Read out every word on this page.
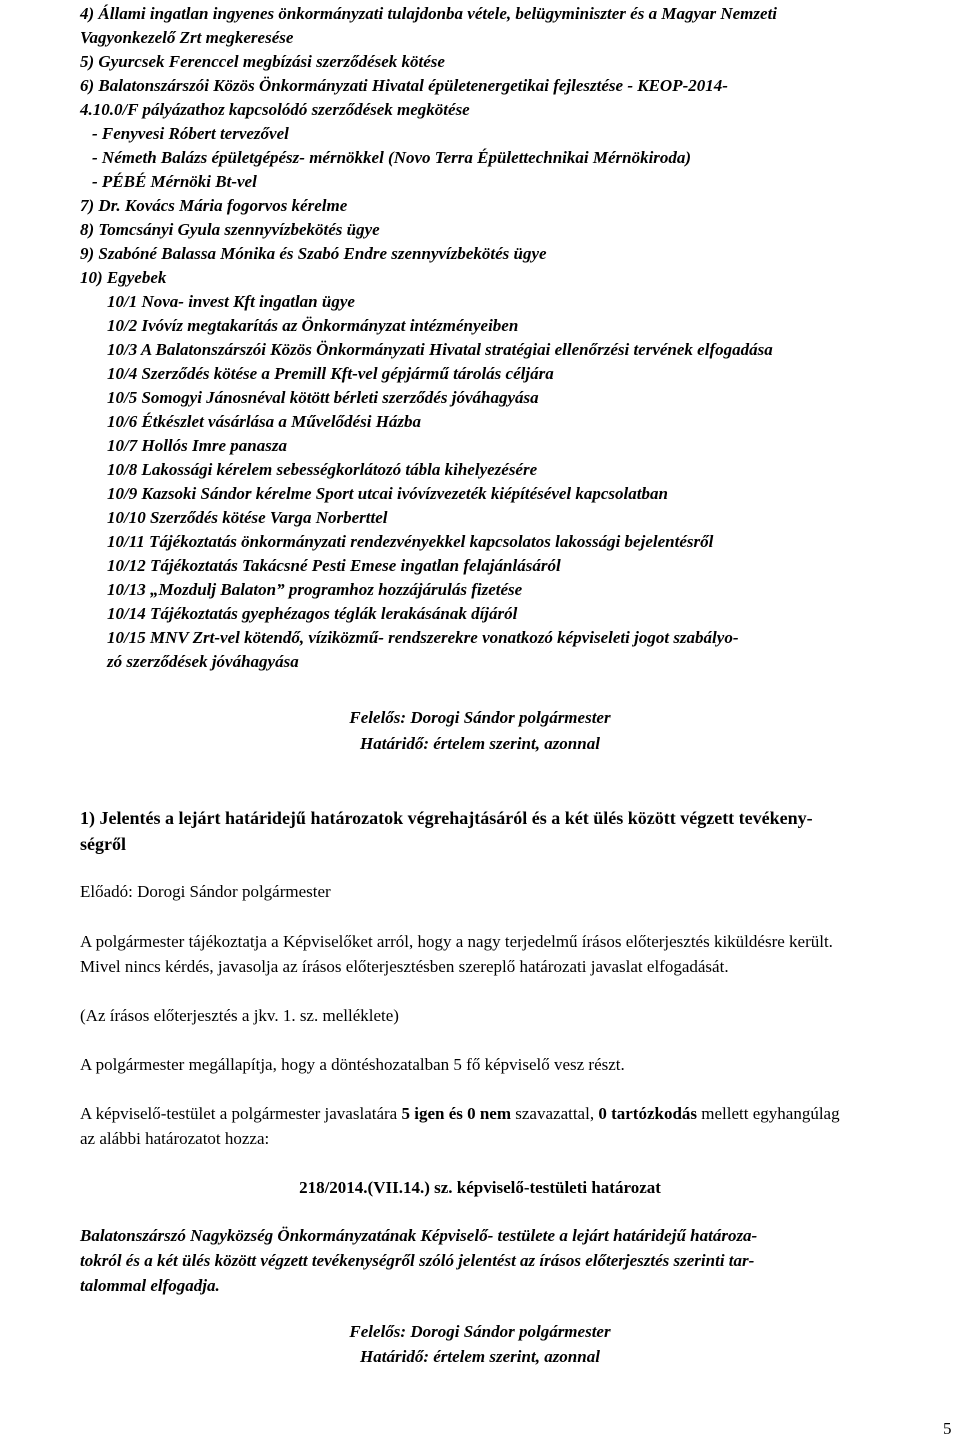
4) Állami ingatlan ingyenes önkormányzati tulajdonba vétele, belügyminiszter és a Magyar Nemzeti
Vagyonkezelő Zrt megkeresése
5) Gyurcsek Ferenccel megbízási szerződések kötése
6) Balatonszárszói Közös Önkormányzati Hivatal épületenergetikai fejlesztése - KEOP-2014-
4.10.0/F pályázathoz kapcsolódó szerződések megkötése
- Fenyvesi Róbert tervezővel
- Németh Balázs épületgépész- mérnökkel (Novo Terra Épülettechnikai Mérnökiroda)
- PÉBÉ Mérnöki Bt-vel
7) Dr. Kovács Mária fogorvos kérelme
8) Tomcsányi Gyula szennyvízbekötés ügye
9) Szabóné Balassa Mónika és Szabó Endre szennyvízbekötés ügye
10) Egyebek
10/1 Nova- invest Kft ingatlan ügye
10/2 Ivóvíz megtakarítás az Önkormányzat intézményeiben
10/3 A Balatonszárszói Közös Önkormányzati Hivatal stratégiai ellenőrzési tervének elfogadása
10/4 Szerződés kötése a Premill Kft-vel gépjármű tárolás céljára
10/5 Somogyi Jánosnéval kötött bérleti szerződés jóváhagyása
10/6 Étkészlet vásárlása a Művelődési Házba
10/7 Hollós Imre panasza
10/8 Lakossági kérelem sebességkorlátozó tábla kihelyezésére
10/9 Kazsoki Sándor kérelme Sport utcai ivóvízvezeték kiépítésével kapcsolatban
10/10 Szerződés kötése Varga Norberttel
10/11 Tájékoztatás önkormányzati rendezvényekkel kapcsolatos lakossági bejelentésről
10/12 Tájékoztatás Takácsné Pesti Emese ingatlan felajánlásáról
10/13 „Mozdulj Balaton” programhoz hozzájárulás fizetése
10/14 Tájékoztatás gyephézagos téglák lerakásának díjáról
10/15 MNV Zrt-vel kötendő, víziközmű- rendszerekre vonatkozó képviseleti jogot szabályo-
zó szerződések jóváhagyása
Felelős: Dorogi Sándor polgármester
Határidő: értelem szerint, azonnal
1) Jelentés a lejárt határidejű határozatok végrehajtásáról és a két ülés között végzett tevékeny-
ségről
Előadó: Dorogi Sándor polgármester
A polgármester tájékoztatja a Képviselőket arról, hogy a nagy terjedelmű írásos előterjesztés kiküldésre került.
Mivel nincs kérdés, javasolja az írásos előterjesztésben szereplő határozati javaslat elfogadását.
(Az írásos előterjesztés a jkv. 1. sz. melléklete)
A polgármester megállapítja, hogy a döntéshozatalban 5 fő képviselő vesz részt.
A képviselő-testület a polgármester javaslatára 5 igen és 0 nem szavazattal, 0 tartózkodás mellett egyhangúlag
az alábbi határozatot hozza:
218/2014.(VII.14.) sz. képviselő-testületi határozat
Balatonszárszó Nagyközség Önkormányzatának Képviselő- testülete a lejárt határidejű határoza-
tokról és a két ülés között végzett tevékenységről szóló jelentést az írásos előterjesztés szerinti tar-
talommal elfogadja.
Felelős: Dorogi Sándor polgármester
Határidő: értelem szerint, azonnal
5
